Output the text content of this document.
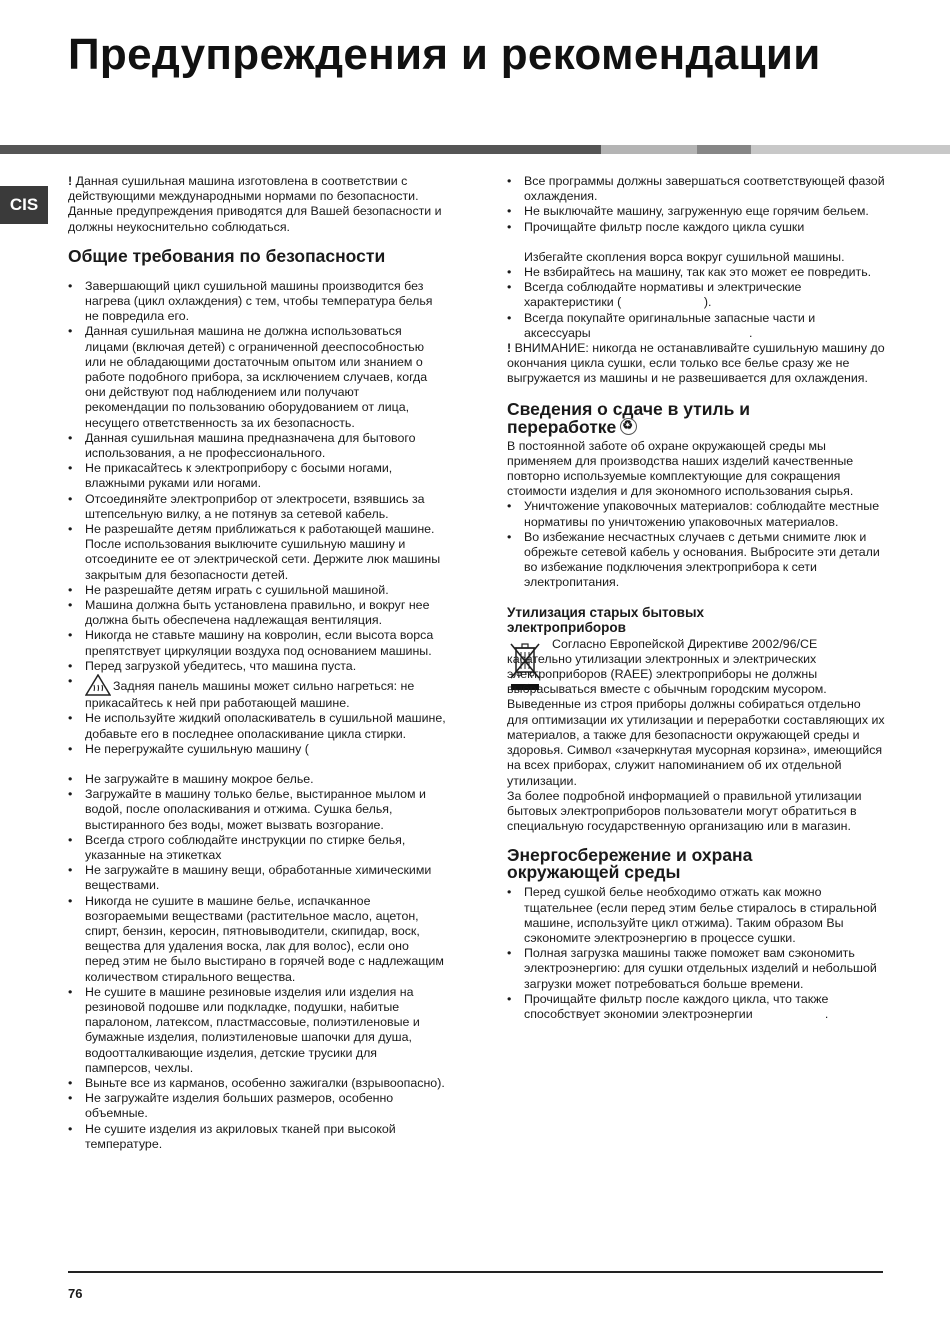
Предупреждения и рекомендации
CIS

! Данная сушильная машина изготовлена в соответствии с действующими международными нормами по безопасности. Данные предупреждения приводятся для Вашей безопасности и должны неукоснительно соблюдаться.

Общие требования по безопасности
• Завершающий цикл сушильной машины производится без нагрева (цикл охлаждения) с тем, чтобы температура белья не повредила его.
• Данная сушильная машина не должна использоваться лицами (включая детей) с ограниченной дееспособностью или не обладающими достаточным опытом или знанием о работе подобного прибора, за исключением случаев, когда они действуют под наблюдением или получают рекомендации по пользованию оборудованием от лица, несущего ответственность за их безопасность.
• Данная сушильная машина предназначена для бытового использования, а не профессионального.
• Не прикасайтесь к электроприбору с босыми ногами, влажными руками или ногами.
• Отсоединяйте электроприбор от электросети, взявшись за штепсельную вилку, а не потянув за сетевой кабель.
• Не разрешайте детям приближаться к работающей машине. После использования выключите сушильную машину и отсоедините ее от электрической сети. Держите люк машины закрытым для безопасности детей.
• Не разрешайте детям играть с сушильной машиной.
• Машина должна быть установлена правильно, и вокруг нее должна быть обеспечена надлежащая вентиляция.
• Никогда не ставьте машину на ковролин, если высота ворса препятствует циркуляции воздуха под основанием машины.
• Перед загрузкой убедитесь, что машина пуста.
• Задняя панель машины может сильно нагреться: не прикасайтесь к ней при работающей машине.
• Не используйте жидкий ополаскиватель в сушильной машине, добавьте его в последнее ополаскивание цикла стирки.
• Не перегружайте сушильную машину (
• Не загружайте в машину мокрое белье.
• Загружайте в машину только белье, выстиранное мылом и водой, после ополаскивания и отжима. Сушка белья, выстиранного без воды, может вызвать возгорание.
• Всегда строго соблюдайте инструкции по стирке белья, указанные на этикетках
• Не загружайте в машину вещи, обработанные химическими веществами.
• Никогда не сушите в машине белье, испачканное возгораемыми веществами (растительное масло, ацетон, спирт, бензин, керосин, пятновыводители, скипидар, воск, вещества для удаления воска, лак для волос), если оно перед этим не было выстирано в горячей воде с надлежащим количеством стирального вещества.
• Не сушите в машине резиновые изделия или изделия на резиновой подошве или подкладке, подушки, набитые паралоном, латексом, пластмассовые, полиэтиленовые и бумажные изделия, полиэтиленовые шапочки для душа, водоотталкивающие изделия, детские трусики для памперсов, чехлы.
• Выньте все из карманов, особенно зажигалки (взрывоопасно).
• Не загружайте изделия больших размеров, особенно объемные.
• Не сушите изделия из акриловых тканей при высокой температуре.
• Все программы должны завершаться соответствующей фазой охлаждения.
• Не выключайте машину, загруженную еще горячим бельем.
• Прочищайте фильтр после каждого цикла сушки
Избегайте скопления ворса вокруг сушильной машины.
• Не взбирайтесь на машину, так как это может ее повредить.
• Всегда соблюдайте нормативы и электрические характеристики (                        ).
• Всегда покупайте оригинальные запасные части и аксессуары                                              .

! ВНИМАНИЕ: никогда не останавливайте сушильную машину до окончания цикла сушки, если только все белье сразу же не выгружается из машины и не развешивается для охлаждения.

Сведения о сдаче в утиль и
переработке♻

В постоянной заботе об охране окружающей среды мы применяем для производства наших изделий качественные повторно используемые комплектующие для сокращения стоимости изделия и для экономного использования сырья.

• Уничтожение упаковочных материалов: соблюдайте местные нормативы по уничтожению упаковочных материалов.
• Во избежание несчастных случаев с детьми снимите люк и обрежьте сетевой кабель у основания. Выбросите эти детали во избежание подключения электроприбора к сети электропитания.
Утилизация старых бытовых электроприборов

Согласно Европейской Директиве 2002/96/CE касательно утилизации электронных и электрических электроприборов (RAEE) электроприборы не должны выбрасываться вместе с обычным городским мусором. Выведенные из строя приборы должны собираться отдельно для оптимизации их утилизации и переработки составляющих их материалов, а также для безопасности окружающей среды и здоровья. Символ «зачеркнутая мусорная корзина», имеющийся на всех приборах, служит напоминанием об их отдельной утилизации.

За более подробной информацией о правильной утилизации бытовых электроприборов пользователи могут обратиться в специальную государственную организацию или в магазин.

Энергосбережение и охрана окружающей среды
• Перед сушкой белье необходимо отжать как можно тщательнее (если перед этим белье стиралось в стиральной машине, используйте цикл отжима). Таким образом Вы сэкономите электроэнергию в процессе сушки.
• Полная загрузка машины также поможет вам сэкономить электроэнергию: для сушки отдельных изделий и небольшой загрузки может потребоваться больше времени.
• Прочищайте фильтр после каждого цикла, что также способствует экономии электроэнергии                     .
76
